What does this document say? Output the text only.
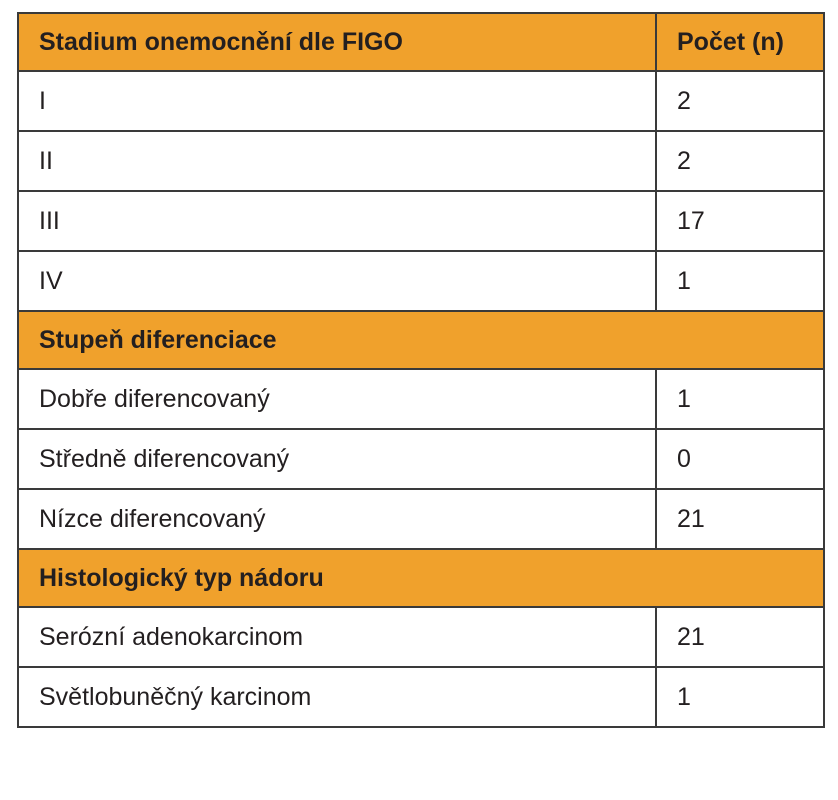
Stadium onemocnění dle FIGO	Počet (n)
I	2
II	2
III	17
IV	1
Stupeň diferenciace	
Dobře diferencovaný	1
Středně diferencovaný	0
Nízce diferencovaný	21
Histologický typ nádoru	
Serózní adenokarcinom	21
Světlobuněčný karcinom	1
